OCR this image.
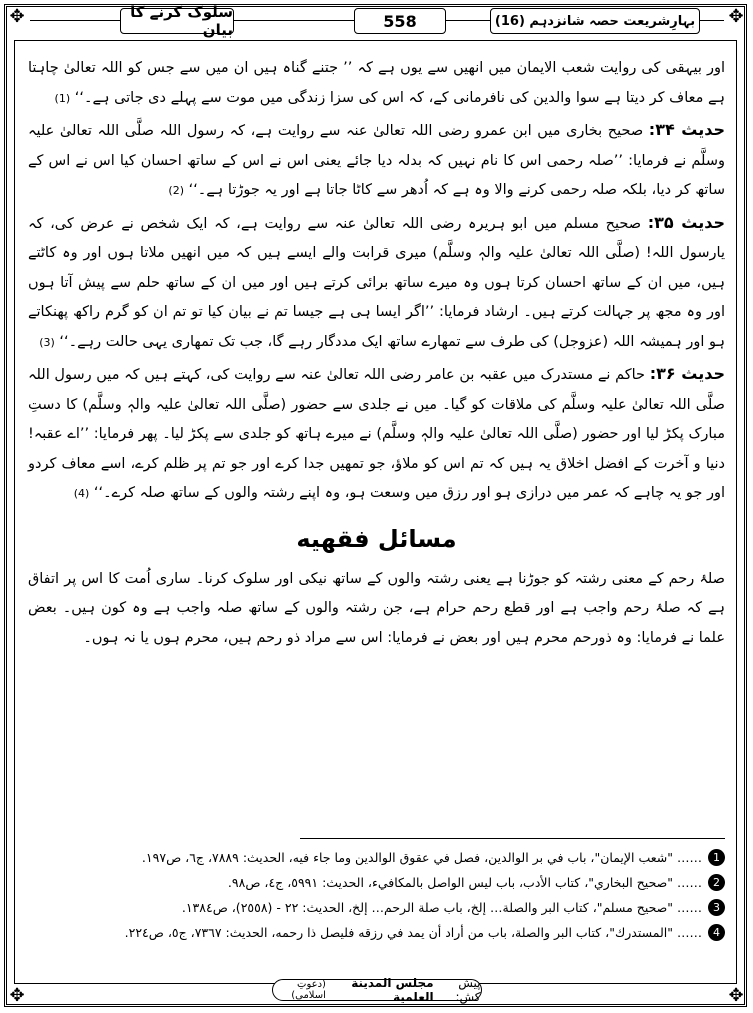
✥	✥
✥	✥
سلوک کرنے کا بیان	558	بہارِشریعت حصہ شانزدہم (16)

اور بیہقی کی روایت شعب الایمان میں انھیں سے یوں ہے کہ ’’ جتنے گناہ ہیں ان میں سے جس کو اللہ تعالیٰ چاہتا ہے معاف کر دیتا ہے سوا والدین کی نافرمانی کے، کہ اس کی سزا زندگی میں موت سے پہلے دی جاتی ہے۔‘‘ (1)

حدیث ۳۴: صحیح بخاری میں ابن عمرو رضی اللہ تعالیٰ عنہ سے روایت ہے، کہ رسول اللہ صلَّی اللہ تعالیٰ علیہ وسلَّم نے فرمایا: ’’صلہ رحمی اس کا نام نہیں کہ بدلہ دیا جائے یعنی اس نے اس کے ساتھ احسان کیا اس نے اس کے ساتھ کر دیا، بلکہ صلہ رحمی کرنے والا وہ ہے کہ اُدھر سے کاٹا جاتا ہے اور یہ جوڑتا ہے۔‘‘ (2)

حدیث ۳۵: صحیح مسلم میں ابو ہریرہ رضی اللہ تعالیٰ عنہ سے روایت ہے، کہ ایک شخص نے عرض کی، کہ یارسول اللہ! (صلَّی اللہ تعالیٰ علیہ والہٖ وسلَّم) میری قرابت والے ایسے ہیں کہ میں انھیں ملاتا ہوں اور وہ کاٹتے ہیں، میں ان کے ساتھ احسان کرتا ہوں وہ میرے ساتھ برائی کرتے ہیں اور میں ان کے ساتھ حلم سے پیش آتا ہوں اور وہ مجھ پر جہالت کرتے ہیں۔ ارشاد فرمایا: ’’اگر ایسا ہی ہے جیسا تم نے بیان کیا تو تم ان کو گرم راکھ پھنکاتے ہو اور ہمیشہ اللہ (عزوجل) کی طرف سے تمھارے ساتھ ایک مددگار رہے گا، جب تک تمھاری یہی حالت رہے۔‘‘ (3)

حدیث ۳۶: حاکم نے مستدرک میں عقبہ بن عامر رضی اللہ تعالیٰ عنہ سے روایت کی، کہتے ہیں کہ میں رسول اللہ صلَّی اللہ تعالیٰ علیہ وسلَّم کی ملاقات کو گیا۔ میں نے جلدی سے حضور (صلَّی اللہ تعالیٰ علیہ والہٖ وسلَّم) کا دستِ مبارک پکڑ لیا اور حضور (صلَّی اللہ تعالیٰ علیہ والہٖ وسلَّم) نے میرے ہاتھ کو جلدی سے پکڑ لیا۔ پھر فرمایا: ’’اے عقبہ! دنیا و آخرت کے افضل اخلاق یہ ہیں کہ تم اس کو ملاؤ، جو تمھیں جدا کرے اور جو تم پر ظلم کرے، اسے معاف کردو اور جو یہ چاہے کہ عمر میں درازی ہو اور رزق میں وسعت ہو، وہ اپنے رشتہ والوں کے ساتھ صلہ کرے۔‘‘ (4)

مسائل فقهيه

صلۂ رحم کے معنی رشتہ کو جوڑنا ہے یعنی رشتہ والوں کے ساتھ نیکی اور سلوک کرنا۔ ساری اُمت کا اس پر اتفاق ہے کہ صلۂ رحم واجب ہے اور قطع رحم حرام ہے، جن رشتہ والوں کے ساتھ صلہ واجب ہے وہ کون ہیں۔ بعض علما نے فرمایا: وہ ذورحم محرم ہیں اور بعض نے فرمایا: اس سے مراد ذو رحم ہیں، محرم ہوں یا نہ ہوں۔

1
…… "شعب الإيمان"، باب في بر الوالدين، فصل في عقوق الوالدين وما جاء فيه، الحديث: ٧٨٨٩، ج٦، ص١٩٧.
2
…… "صحيح البخاري"، كتاب الأدب، باب ليس الواصل بالمكافيء، الحديث: ٥٩٩١، ج٤، ص٩٨.
3
…… "صحيح مسلم"، كتاب البر والصلة… إلخ، باب صلة الرحم… إلخ، الحديث: ٢٢ - (٢٥٥٨)، ص١٣٨٤.
4
…… "المستدرك"، كتاب البر والصلة، باب من أراد أن يمد في رزقه فليصل ذا رحمه، الحديث: ٧٣٦٧، ج٥، ص٢٢٤.
پیش کش:
مجلس المدينة العلمية
(دعوتِ اسلامی)
